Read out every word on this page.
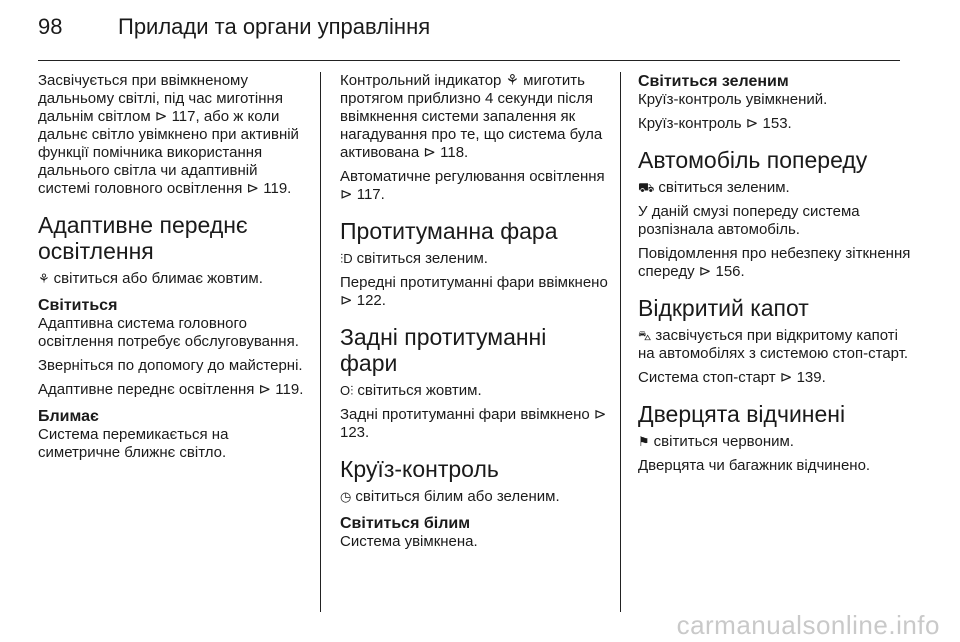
98	Прилади та органи управління

Засвічується при ввімкненому дальньому світлі, під час миготіння дальнім світлом ⊳ 117, або ж коли дальнє світло увімкнено при активній функції помічника використання дальнього світла чи адаптивній системі головного освітлення ⊳ 119.

Адаптивне переднє освітлення

⚘ світиться або блимає жовтим.

Світиться

Адаптивна система головного освітлення потребує обслуговування.

Зверніться по допомогу до майстерні.

Адаптивне переднє освітлення ⊳ 119.

Блимає

Система перемикається на симетричне ближнє світло.

Контрольний індикатор ⚘ миготить протягом приблизно 4 секунди після ввімкнення системи запалення як нагадування про те, що система була активована ⊳ 118.

Автоматичне регулювання освітлення ⊳ 117.

Протитуманна фара

⫶D світиться зеленим.

Передні протитуманні фари ввімкнено ⊳ 122.

Задні протитуманні фари

O⫶ світиться жовтим.

Задні протитуманні фари ввімкнено ⊳ 123.

Круїз-контроль

◷ світиться білим або зеленим.

Світиться білим

Система увімкнена.

Світиться зеленим

Круїз-контроль увімкнений.

Круїз-контроль ⊳ 153.

Автомобіль попереду

⛟ світиться зеленим.

У даній смузі попереду система розпізнала автомобіль.

Повідомлення про небезпеку зіткнення спереду ⊳ 156.

Відкритий капот

⛍ засвічується при відкритому капоті на автомобілях з системою стоп-старт.

Система стоп-старт ⊳ 139.

Дверцята відчинені

⚑ світиться червоним.

Дверцята чи багажник відчинено.

carmanualsonline.info
